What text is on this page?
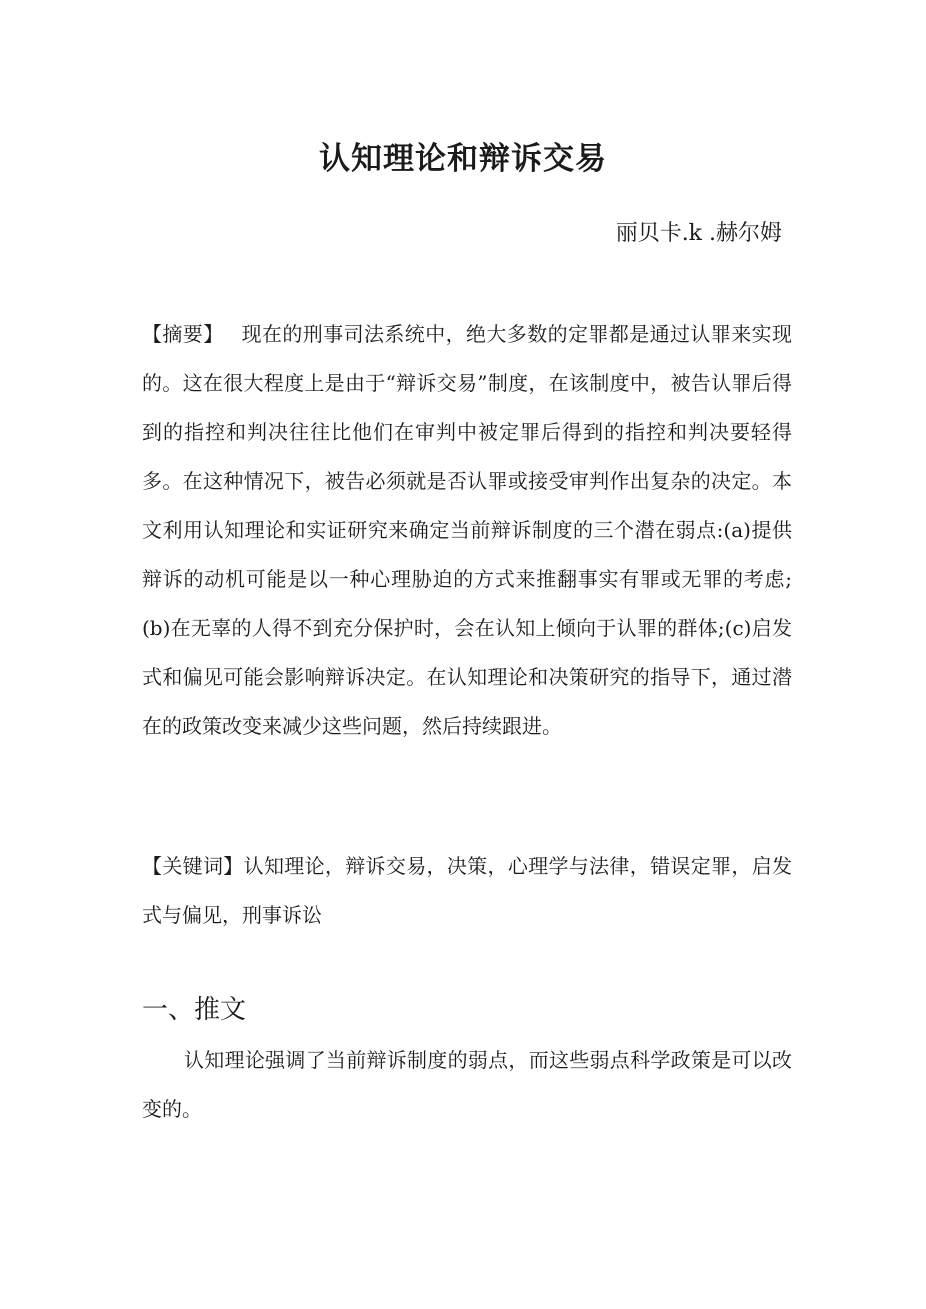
认知理论和辩诉交易
丽贝卡.k .赫尔姆

【摘要】 现在的刑事司法系统中，绝大多数的定罪都是通过认罪来实现的。这在很大程度上是由于“辩诉交易”制度，在该制度中，被告认罪后得到的指控和判决往往比他们在审判中被定罪后得到的指控和判决要轻得多。在这种情况下，被告必须就是否认罪或接受审判作出复杂的决定。本文利用认知理论和实证研究来确定当前辩诉制度的三个潜在弱点:(a)提供辩诉的动机可能是以一种心理胁迫的方式来推翻事实有罪或无罪的考虑;(b)在无辜的人得不到充分保护时，会在认知上倾向于认罪的群体;(c)启发式和偏见可能会影响辩诉决定。在认知理论和决策研究的指导下，通过潜在的政策改变来减少这些问题，然后持续跟进。

【关键词】认知理论，辩诉交易，决策，心理学与法律，错误定罪，启发式与偏见，刑事诉讼

一、推文

认知理论强调了当前辩诉制度的弱点，而这些弱点科学政策是可以改变的。
